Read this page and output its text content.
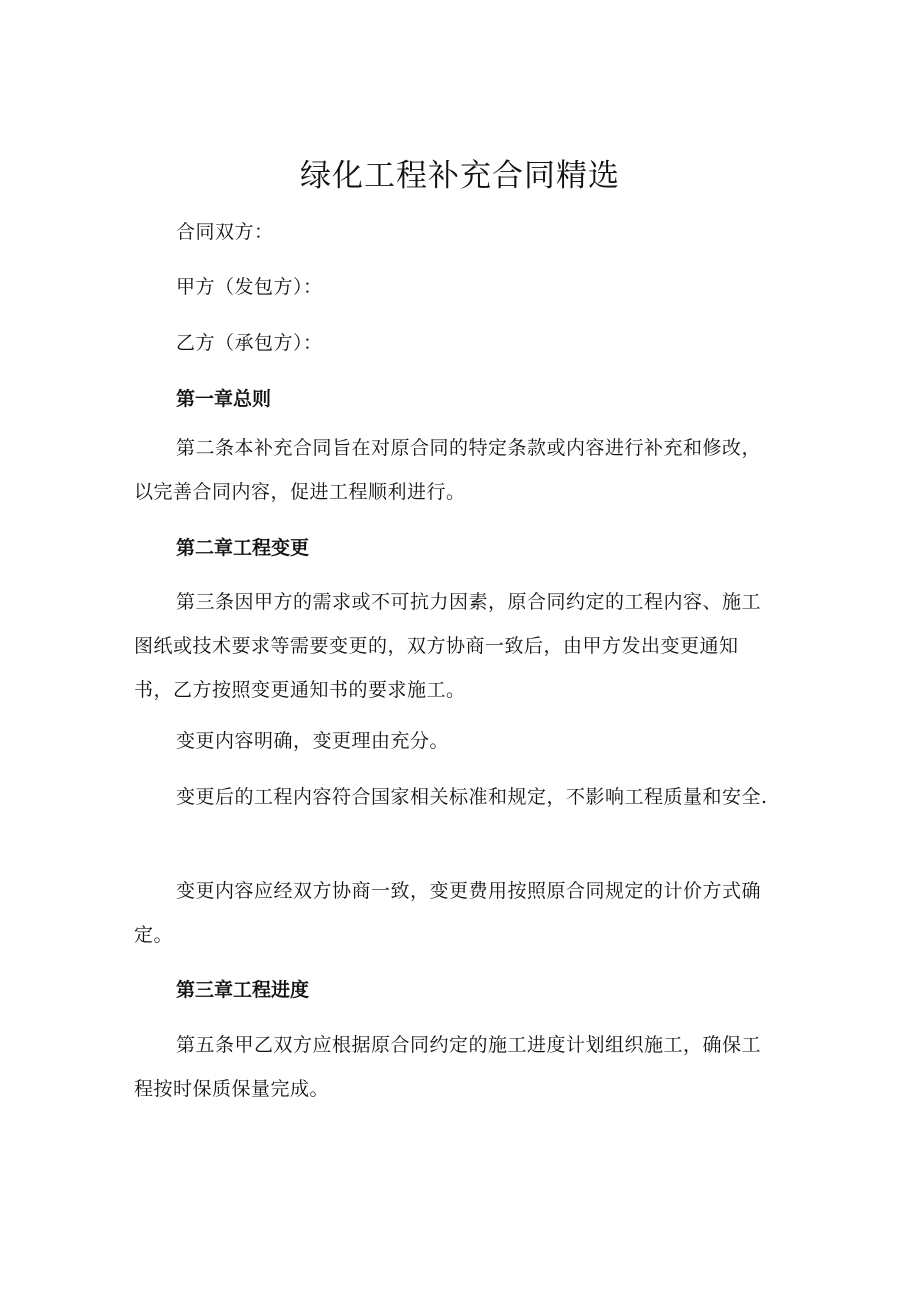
绿化工程补充合同精选

合同双方：

甲方（发包方）：

乙方（承包方）：

第一章总则

第二条本补充合同旨在对原合同的特定条款或内容进行补充和修改，以完善合同内容，促进工程顺利进行。

第二章工程变更

第三条因甲方的需求或不可抗力因素，原合同约定的工程内容、施工图纸或技术要求等需要变更的，双方协商一致后，由甲方发出变更通知书，乙方按照变更通知书的要求施工。

变更内容明确，变更理由充分。

变更后的工程内容符合国家相关标准和规定，不影响工程质量和安全.

变更内容应经双方协商一致，变更费用按照原合同规定的计价方式确定。

第三章工程进度

第五条甲乙双方应根据原合同约定的施工进度计划组织施工，确保工程按时保质保量完成。
